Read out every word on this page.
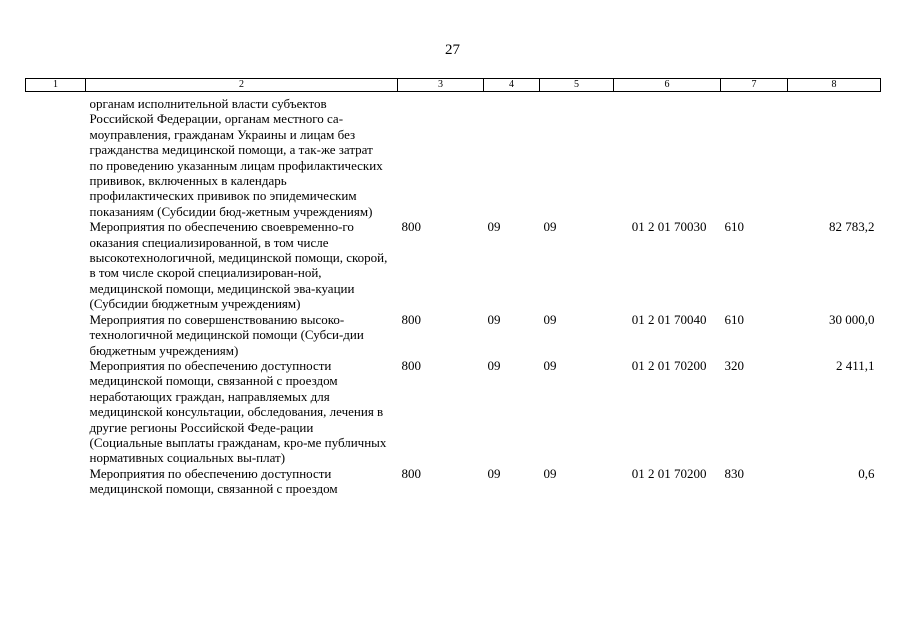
27
1	2	3	4	5	6	7	8
	органам исполнительной власти субъектов Российской Федерации, органам местного са-моуправления, гражданам Украины и лицам без гражданства медицинской помощи, а так-же затрат по проведению указанным лицам профилактических прививок, включенных в календарь профилактических прививок по эпидемическим показаниям (Субсидии бюд-жетным учреждениям)						
	Мероприятия по обеспечению своевременно-го оказания специализированной, в том числе высокотехнологичной, медицинской помощи, скорой, в том числе скорой специализирован-ной, медицинской помощи, медицинской эва-куации (Субсидии бюджетным учреждениям)	800	09	09	01 2 01 70030	610	82 783,2
	Мероприятия по совершенствованию высоко-технологичной медицинской помощи (Субси-дии бюджетным учреждениям)	800	09	09	01 2 01 70040	610	30 000,0
	Мероприятия по обеспечению доступности медицинской помощи, связанной с проездом неработающих граждан, направляемых для медицинской консультации, обследования, лечения в другие регионы Российской Феде-рации (Социальные выплаты гражданам, кро-ме публичных нормативных социальных вы-плат)	800	09	09	01 2 01 70200	320	2 411,1
	Мероприятия по обеспечению доступности медицинской помощи, связанной с проездом	800	09	09	01 2 01 70200	830	0,6
